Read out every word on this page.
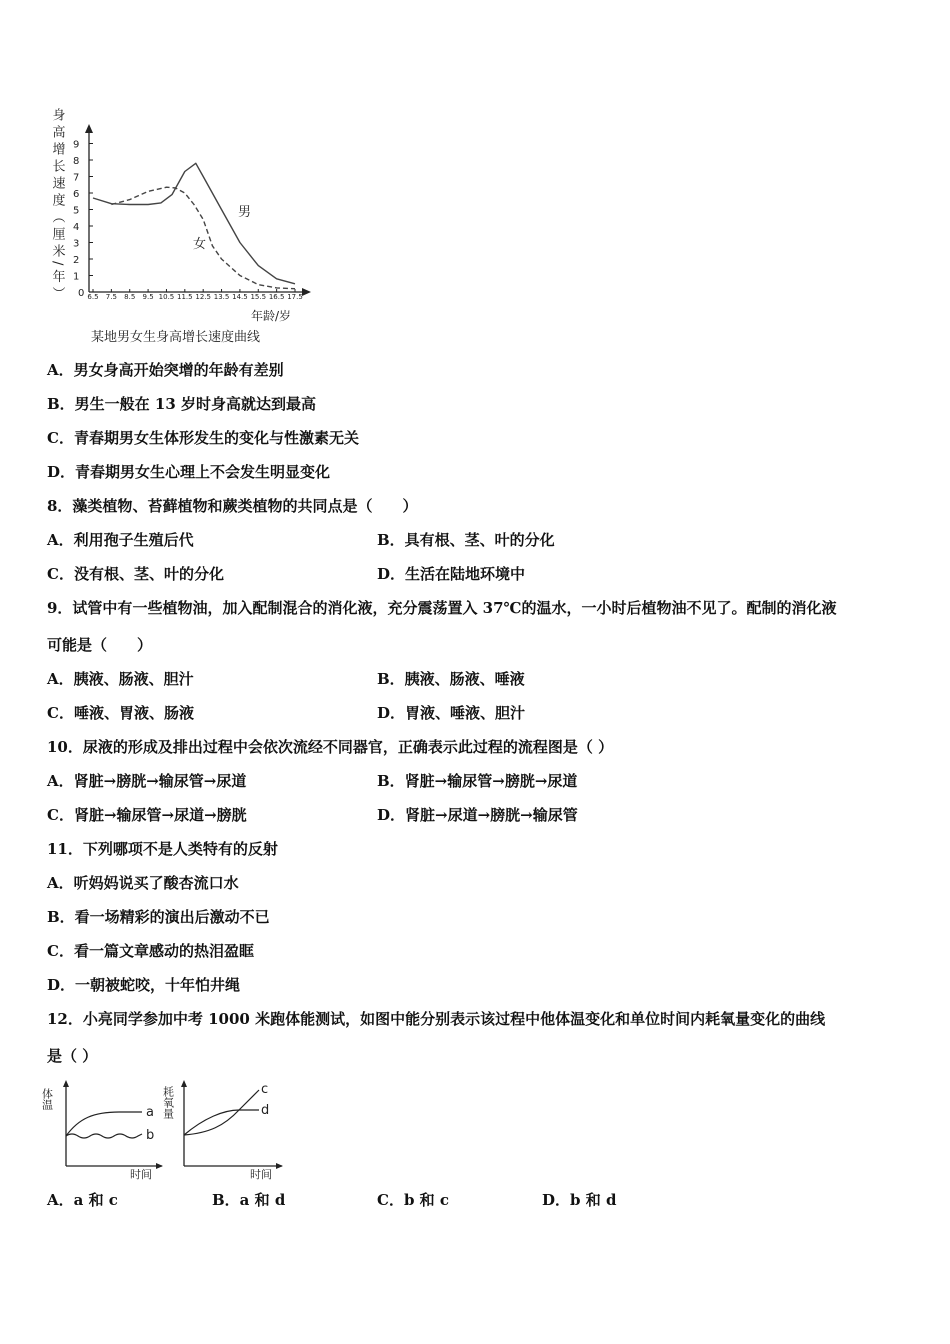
0
1
2
3
4
5
6
7
8
9
6.5 7.5 8.5 9.5 10.5 11.5 12.5 13.5 14.5 15.5 16.5 17.5
男
女
身高增长速度（厘米/年）
年龄/岁
某地男女生身高增长速度曲线
A．男女身高开始突增的年龄有差别
B．男生一般在 13 岁时身高就达到最高
C．青春期男女生体形发生的变化与性激素无关
D．青春期男女生心理上不会发生明显变化
8．藻类植物、苔藓植物和蕨类植物的共同点是（　　）
A．利用孢子生殖后代	B．具有根、茎、叶的分化
C．没有根、茎、叶的分化	D．生活在陆地环境中
9．试管中有一些植物油，加入配制混合的消化液，充分震荡置入 37℃的温水，一小时后植物油不见了。配制的消化液
可能是（　　）
A．胰液、肠液、胆汁	B．胰液、肠液、唾液
C．唾液、胃液、肠液	D．胃液、唾液、胆汁
10．尿液的形成及排出过程中会依次流经不同器官，正确表示此过程的流程图是（ ）
A．肾脏→膀胱→输尿管→尿道	B．肾脏→输尿管→膀胱→尿道
C．肾脏→输尿管→尿道→膀胱	D．肾脏→尿道→膀胱→输尿管
11．下列哪项不是人类特有的反射
A．听妈妈说买了酸杏流口水
B．看一场精彩的演出后激动不已
C．看一篇文章感动的热泪盈眶
D．一朝被蛇咬，十年怕井绳
12．小亮同学参加中考 1000 米跑体能测试，如图中能分别表示该过程中他体温变化和单位时间内耗氧量变化的曲线
是（ ）
a
b
体温
时间
c
d
耗氧量
时间
A．a 和 c	B．a 和 d	C．b 和 c	D．b 和 d
